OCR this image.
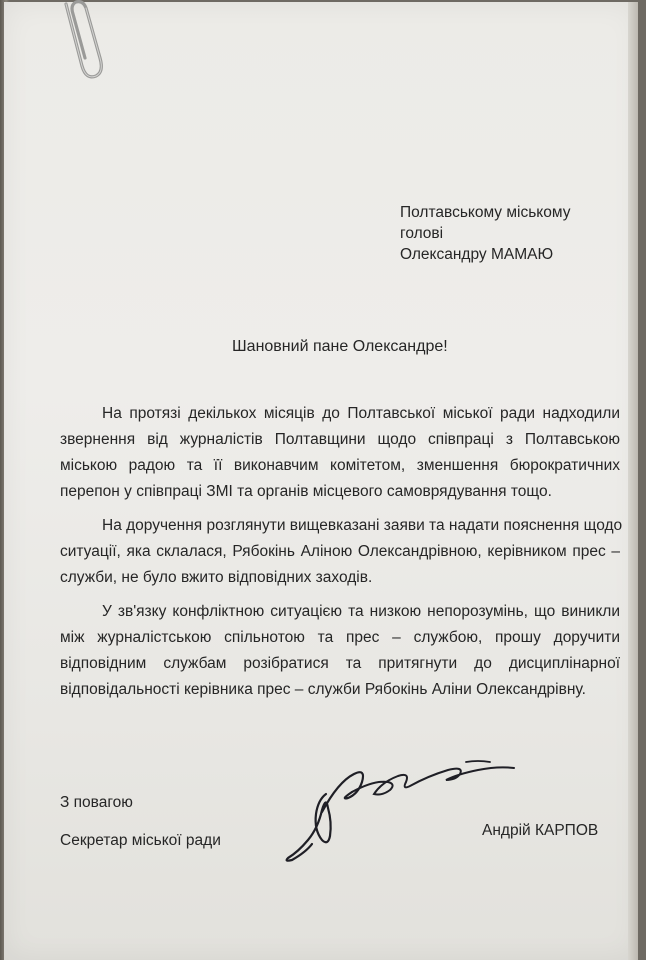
Полтавському міському
голові
Олександру МАМАЮ
Шановний пане Олександре!
На протязі декількох місяців до Полтавської міської ради надходили
звернення від журналістів Полтавщини щодо співпраці з Полтавською
міською радою та її виконавчим комітетом, зменшення бюрократичних
перепон у співпраці ЗМІ та органів місцевого самоврядування тощо.
На доручення розглянути вищевказані заяви та надати пояснення щодо
ситуації, яка склалася, Рябокінь Аліною Олександрівною, керівником прес –
служби, не було вжито відповідних заходів.
У зв'язку конфліктною ситуацією та низкою непорозумінь, що виникли
між журналістською спільнотою та прес – службою, прошу доручити
відповідним службам розібратися та притягнути до дисциплінарної
відповідальності керівника прес – служби Рябокінь Аліни Олександрівну.
З повагою
Секретар міської ради
Андрій КАРПОВ
